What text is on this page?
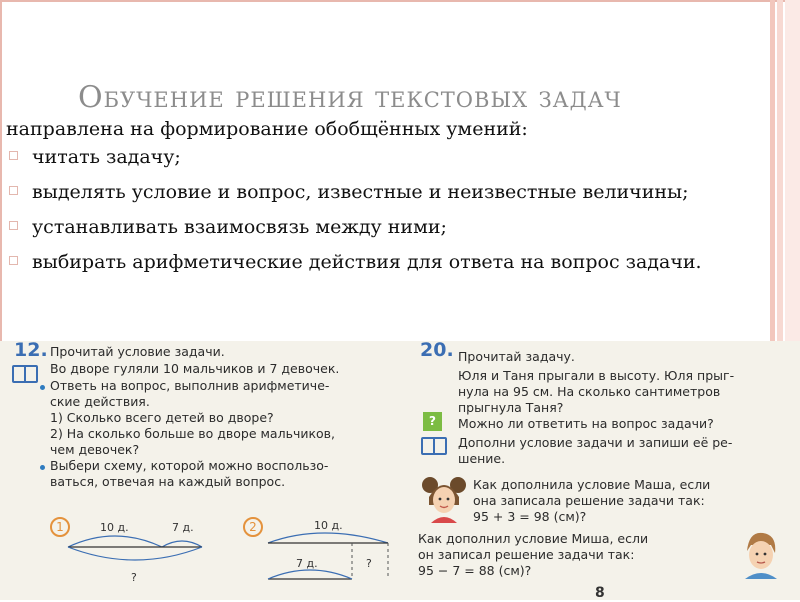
Обучение решения текстовых задач
направлена на формирование обобщённых умений:
читать задачу;
выделять условие и вопрос, известные и неизвестные величины;
устанавливать взаимосвязь между ними;
выбирать арифметические действия для ответа на вопрос задачи.
12. Прочитай условие задачи.
Во дворе гуляли 10 мальчиков и 7 девочек.
Ответь на вопрос, выполнив арифметиче-
ские действия.
1) Сколько всего детей во дворе?
2) На сколько больше во дворе мальчиков,
чем девочек?
Выбери схему, которой можно воспользо-
ваться, отвечая на каждый вопрос.
1	10 д.	7 д.
?
2	10 д.
7 д.	?
20. Прочитай задачу.
Юля и Таня прыгали в высоту. Юля прыг-
нула на 95 см. На сколько сантиметров
прыгнула Таня?
?	Можно ли ответить на вопрос задачи?
Дополни условие задачи и запиши её ре-
шение.
Как дополнила условие Маша, если
она записала решение задачи так:
95 + 3 = 98 (см)?
Как дополнил условие Миша, если
он записал решение задачи так:
95 − 7 = 88 (см)?
8
